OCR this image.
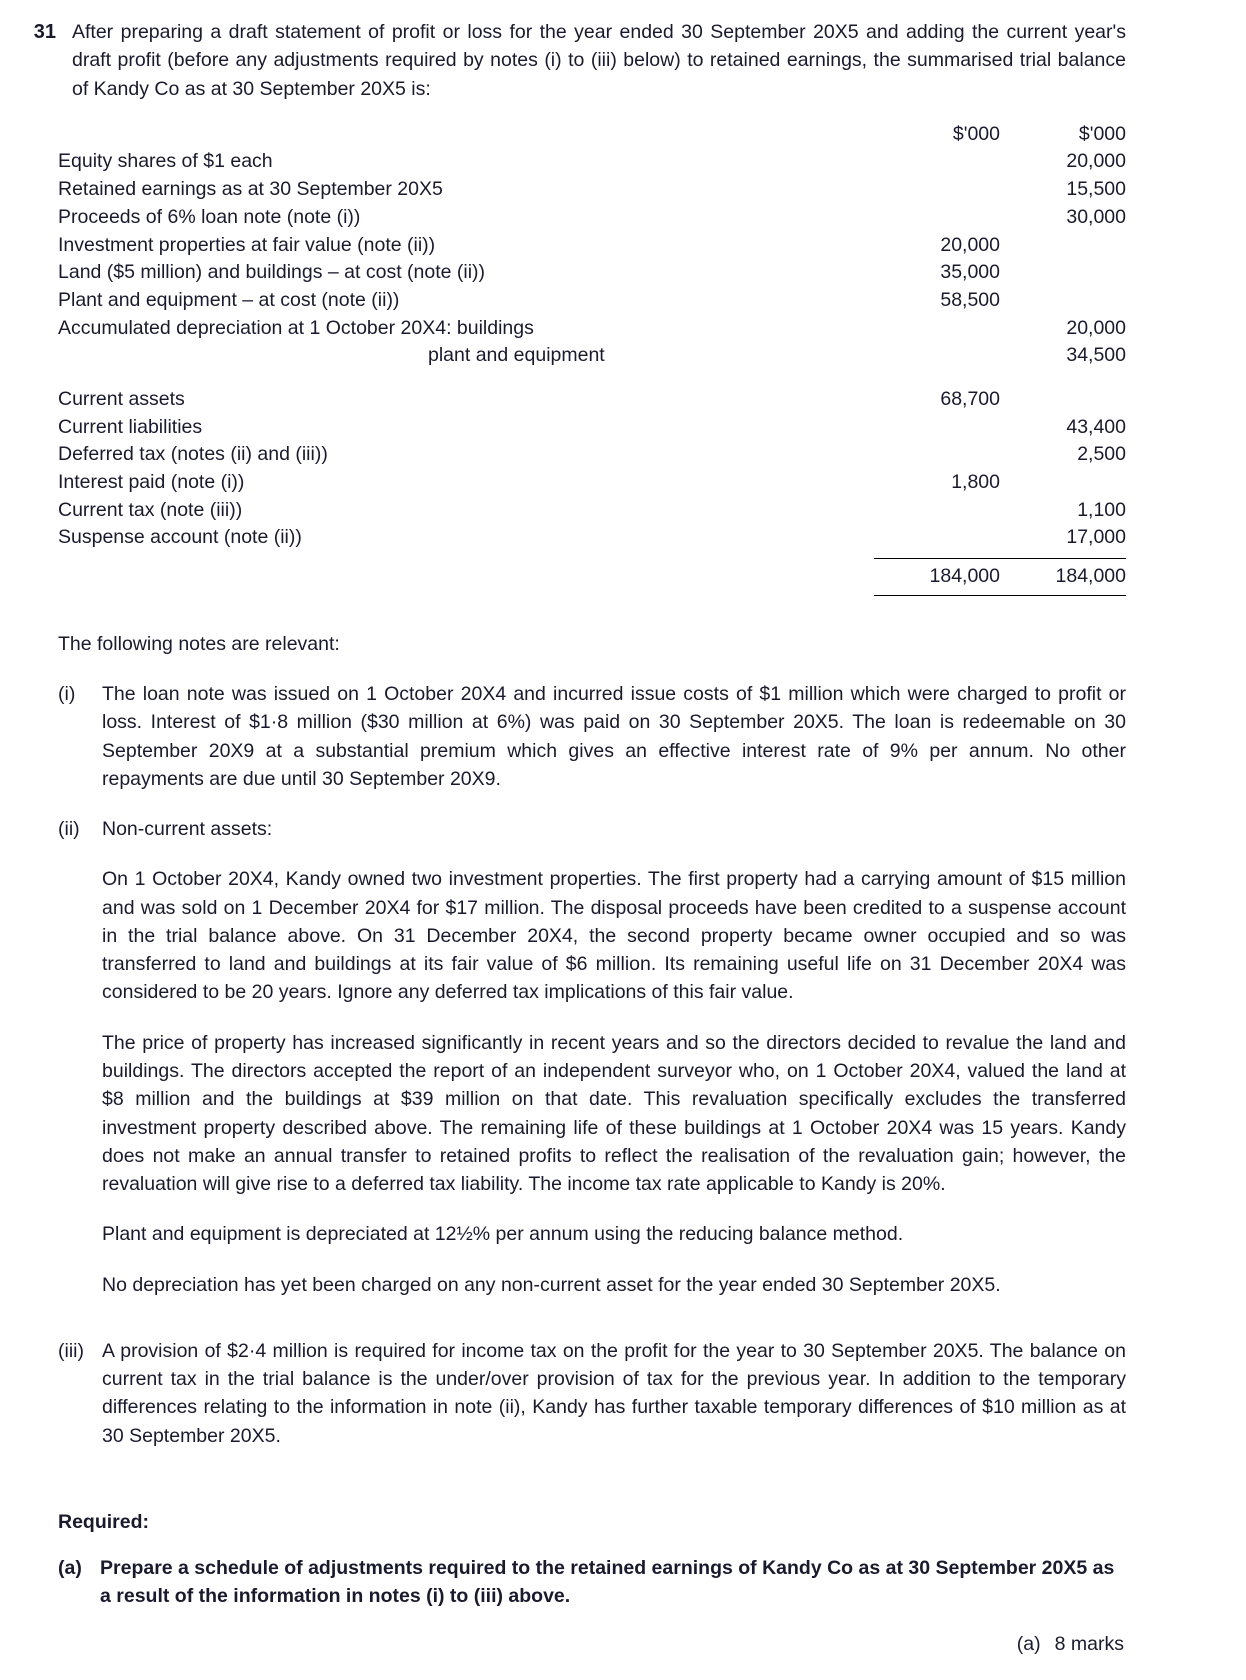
31 After preparing a draft statement of profit or loss for the year ended 30 September 20X5 and adding the current year's draft profit (before any adjustments required by notes (i) to (iii) below) to retained earnings, the summarised trial balance of Kandy Co as at 30 September 20X5 is:
	$'000	$'000
Equity shares of $1 each		20,000
Retained earnings as at 30 September 20X5		15,500
Proceeds of 6% loan note (note (i))		30,000
Investment properties at fair value (note (ii))	20,000	
Land ($5 million) and buildings – at cost (note (ii))	35,000	
Plant and equipment – at cost (note (ii))	58,500	
Accumulated depreciation at 1 October 20X4: buildings		20,000

plant and equipment		34,500

Current assets	68,700	
Current liabilities		43,400
Deferred tax (notes (ii) and (iii))		2,500
Interest paid (note (i))	1,800	
Current tax (note (iii))		1,100
Suspense account (note (ii))		17,000

	184,000	184,000

The following notes are relevant:

(i)	The loan note was issued on 1 October 20X4 and incurred issue costs of $1 million which were charged to profit or loss. Interest of $1·8 million ($30 million at 6%) was paid on 30 September 20X5. The loan is redeemable on 30 September 20X9 at a substantial premium which gives an effective interest rate of 9% per annum. No other repayments are due until 30 September 20X9.

(ii)	Non-current assets:

On 1 October 20X4, Kandy owned two investment properties. The first property had a carrying amount of $15 million and was sold on 1 December 20X4 for $17 million. The disposal proceeds have been credited to a suspense account in the trial balance above. On 31 December 20X4, the second property became owner occupied and so was transferred to land and buildings at its fair value of $6 million. Its remaining useful life on 31 December 20X4 was considered to be 20 years. Ignore any deferred tax implications of this fair value.

The price of property has increased significantly in recent years and so the directors decided to revalue the land and buildings. The directors accepted the report of an independent surveyor who, on 1 October 20X4, valued the land at $8 million and the buildings at $39 million on that date. This revaluation specifically excludes the transferred investment property described above. The remaining life of these buildings at 1 October 20X4 was 15 years. Kandy does not make an annual transfer to retained profits to reflect the realisation of the revaluation gain; however, the revaluation will give rise to a deferred tax liability. The income tax rate applicable to Kandy is 20%.

Plant and equipment is depreciated at 12½% per annum using the reducing balance method.

No depreciation has yet been charged on any non-current asset for the year ended 30 September 20X5.

(iii) A provision of $2·4 million is required for income tax on the profit for the year to 30 September 20X5. The balance on current tax in the trial balance is the under/over provision of tax for the previous year. In addition to the temporary differences relating to the information in note (ii), Kandy has further taxable temporary differences of $10 million as at 30 September 20X5.

Required:
(a) Prepare a schedule of adjustments required to the retained earnings of Kandy Co as at 30 September 20X5 as a result of the information in notes (i) to (iii) above.
(a) 8 marks
